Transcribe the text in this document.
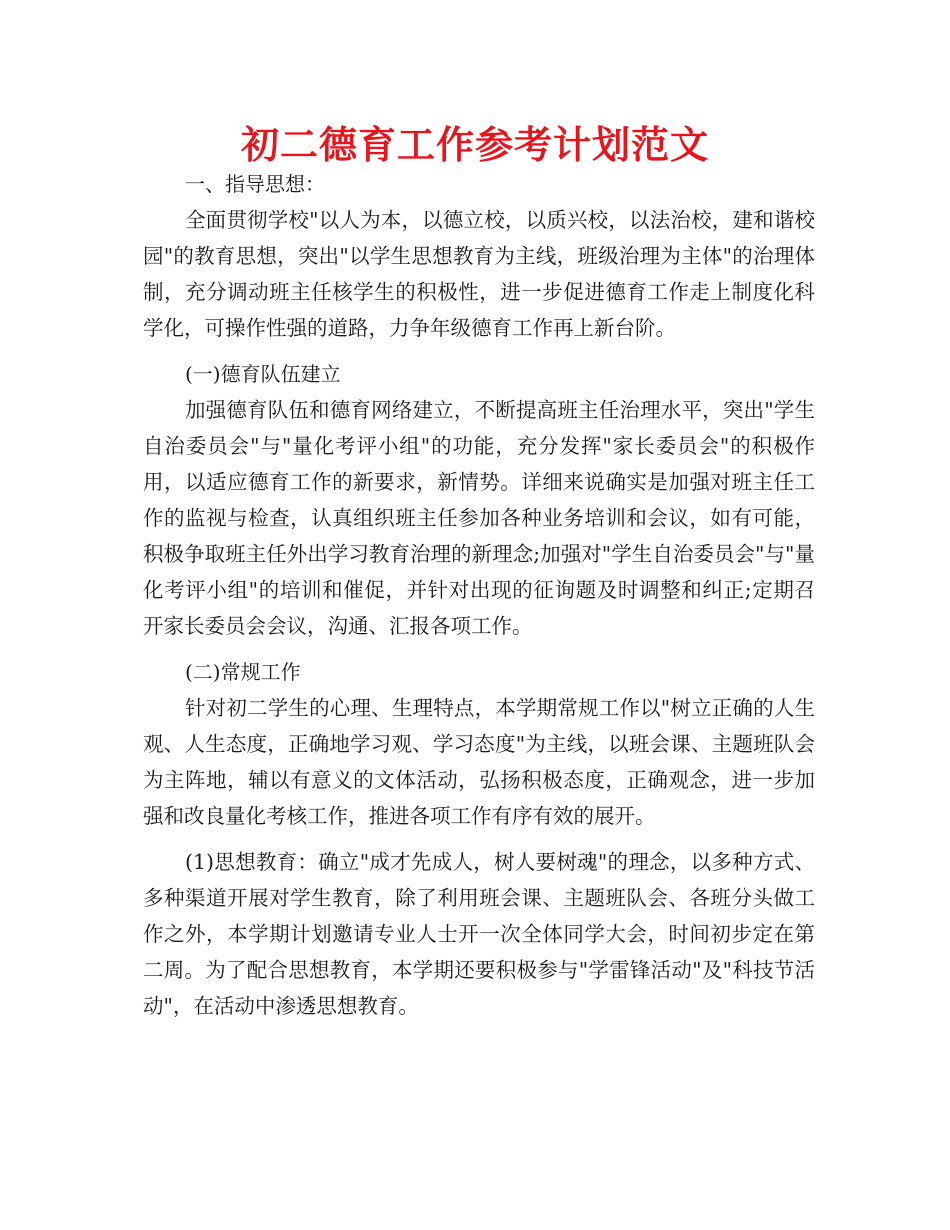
初二德育工作参考计划范文
一、指导思想：

全面贯彻学校"以人为本，以德立校，以质兴校，以法治校，建和谐校园"的教育思想，突出"以学生思想教育为主线，班级治理为主体"的治理体制，充分调动班主任核学生的积极性，进一步促进德育工作走上制度化科学化，可操作性强的道路，力争年级德育工作再上新台阶。

(一)德育队伍建立

加强德育队伍和德育网络建立，不断提高班主任治理水平，突出"学生自治委员会"与"量化考评小组"的功能，充分发挥"家长委员会"的积极作用，以适应德育工作的新要求，新情势。详细来说确实是加强对班主任工作的监视与检查，认真组织班主任参加各种业务培训和会议，如有可能，积极争取班主任外出学习教育治理的新理念;加强对"学生自治委员会"与"量化考评小组"的培训和催促，并针对出现的征询题及时调整和纠正;定期召开家长委员会会议，沟通、汇报各项工作。

(二)常规工作

针对初二学生的心理、生理特点，本学期常规工作以"树立正确的人生观、人生态度，正确地学习观、学习态度"为主线，以班会课、主题班队会为主阵地，辅以有意义的文体活动，弘扬积极态度，正确观念，进一步加强和改良量化考核工作，推进各项工作有序有效的展开。

(1)思想教育：确立"成才先成人，树人要树魂"的理念，以多种方式、多种渠道开展对学生教育，除了利用班会课、主题班队会、各班分头做工作之外，本学期计划邀请专业人士开一次全体同学大会，时间初步定在第二周。为了配合思想教育，本学期还要积极参与"学雷锋活动"及"科技节活动"，在活动中渗透思想教育。
